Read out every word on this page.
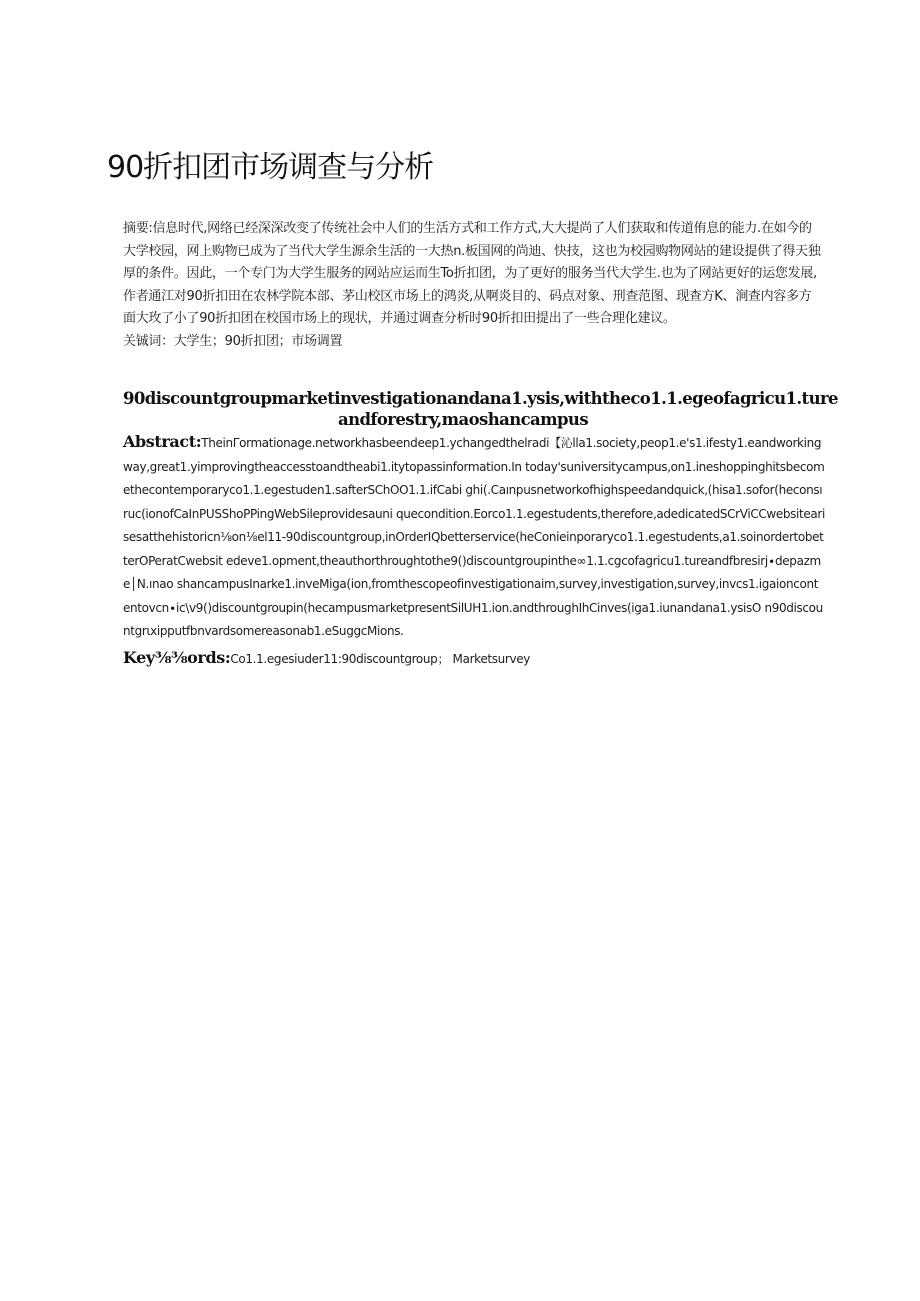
90折扣团市场调查与分析

摘要:信息时代,网络已经深深改变了传统社会中人们的生活方式和工作方式,大大提尚了人们获取和传道侑息的能力.在如今的大学校园，网上购物已成为了当代大学生源余生活的一大热n.板国网的尚迪、快技，这也为校园购物网站的建设提供了得天独厚的条件。因此，一个专门为大学生服务的网站应运而生To折扣团，为了更好的服务当代大学生.也为了网站更好的运您发展,作者通江对90折扣田在农林学院本部、茅山校区市场上的鸿炎,从啊炎目的、码点对象、刑查范图、现查方K、涧查内容多方面大玫了小了90折扣团在校国市场上的现状，并通过调查分析时90折扣田提出了一些合理化建议。

关铖词：大学生；90折扣团；市场调置

90discountgroupmarketinvestigationandana1.ysis,withtheco1.1.egeofagricu1.ture andforestry,maoshancampus

Abstract:TheinΓormationage.networkhasbeendeep1.ychangedthelradi【沁lla1.society,peop1.e's1.ifesty1.eandworkingway,great1.yimprovingtheaccesstoandtheabi1.itytopassinformation.In today'suniversitycampus,on1.ineshoppinghitsbecomethecontemporaryco1.1.egestuden1.safterSChOO1.1.ifCabi ghi(.Caınpusnetworkofhighspeedandquick,(hisa1.sofor(heconsıruc(ionofCaInPUSShoPPingWebSileprovidesauni quecondition.Eorco1.1.egestudents,therefore,adedicatedSCrViCCwebsitearisesatthehistoricn⅛on⅛el11-90discountgroup,inOrderIQbetterservice(heConieinporaryco1.1.egestudents,a1.soinordertobetterOPeratCwebsit edeve1.opment,theauthorthroughtothe9()discountgroupinthe∞1.1.cgcofagricu1.tureandfbresirj∙depazme│N.ınao shancampusInarke1.inveMiga(ion,fromthescopeofinvestigationaim,survey,investigation,survey,invcs1.igaioncont entovcn∙ic\v9()discountgroupin(hecampusmarketpresentSilUH1.ion.andthroughIhCinves(iga1.iunandana1.ysisO n90discountgrιxipputfbnvardsomereasonab1.eSuggcMions.

Key⅜⅜ords:Co1.1.egesiuder11:90discountgroup； Marketsurvey
